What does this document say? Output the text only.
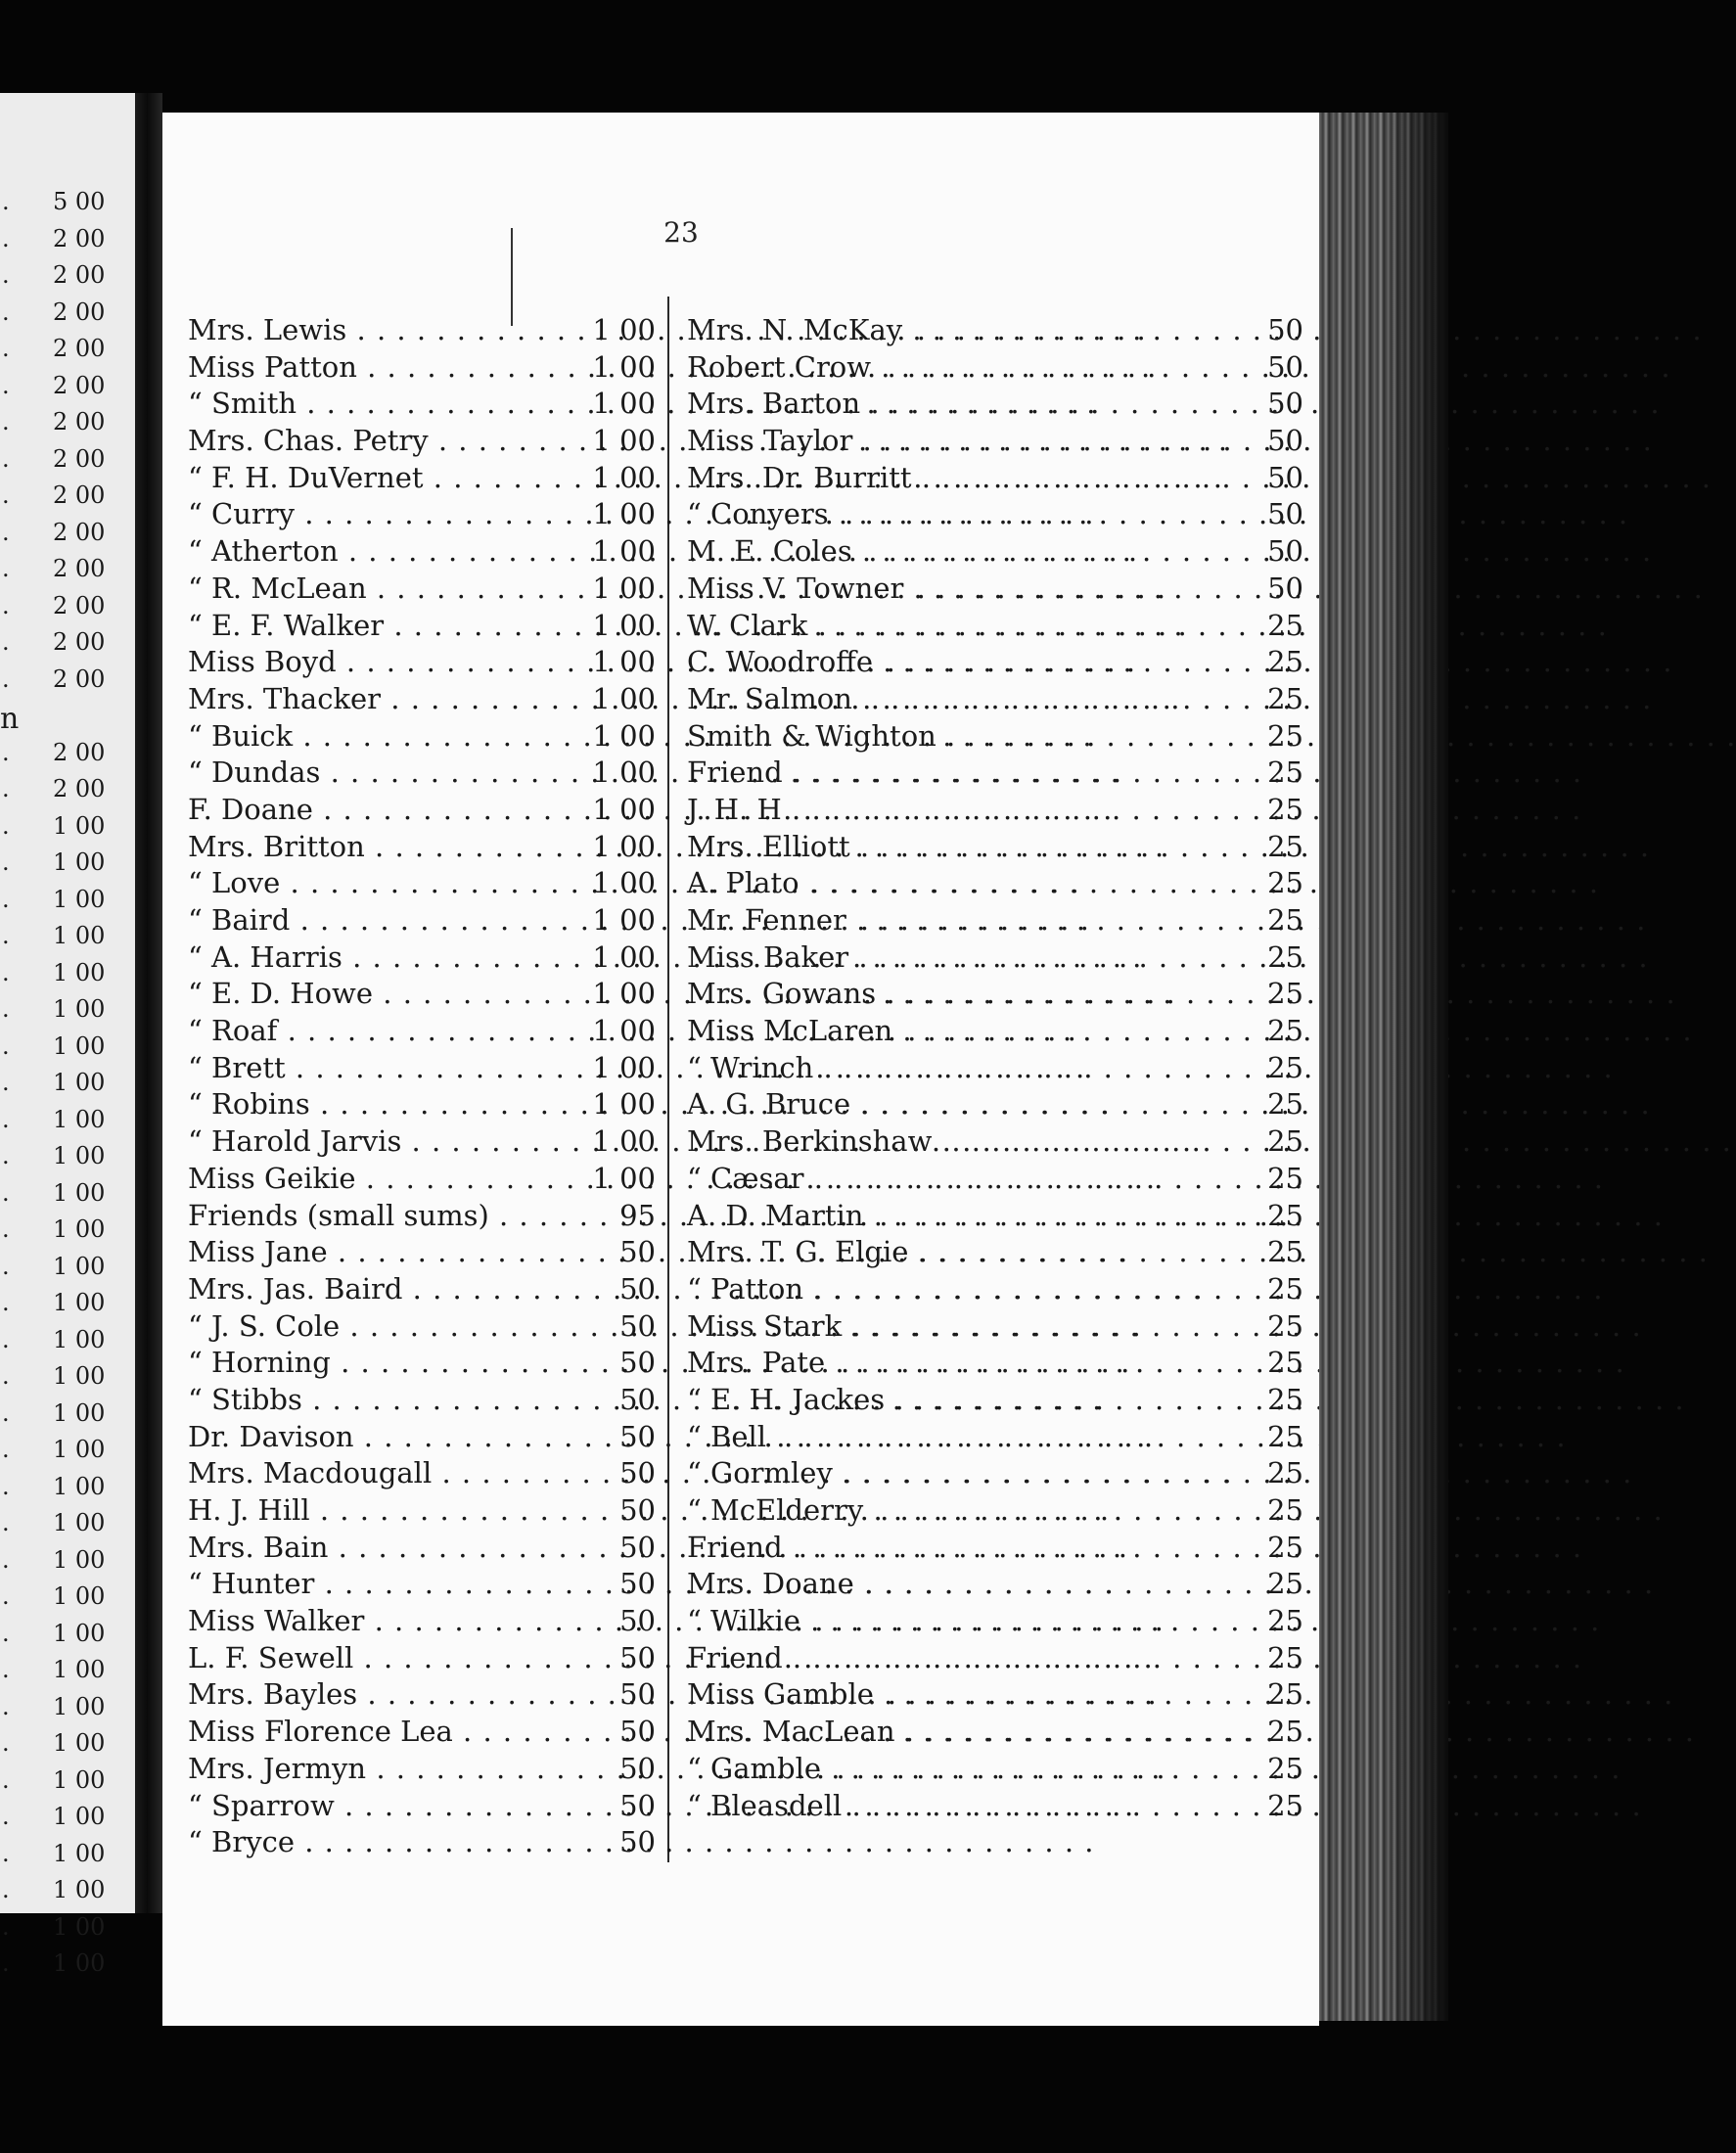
. 5 00
. 2 00
. 2 00
. 2 00
. 2 00
. 2 00
. 2 00
. 2 00
. 2 00
. 2 00
. 2 00
. 2 00
. 2 00
. 2 00
n
. 2 00
. 2 00
. 1 00
. 1 00
. 1 00
. 1 00
. 1 00
. 1 00
. 1 00
. 1 00
. 1 00
. 1 00
. 1 00
. 1 00
. 1 00
. 1 00
. 1 00
. 1 00
. 1 00
. 1 00
. 1 00
. 1 00
. 1 00
. 1 00
. 1 00
. 1 00
. 1 00
. 1 00
. 1 00
. 1 00
. 1 00
. 1 00
. 1 00
. 1 00
23
Mrs. Lewis . . .	1 00
Miss Patton . . .	1 00
“ Smith . . .	1 00
Mrs. Chas. Petry . . .	1 00
“ F. H. DuVernet . . .	1 00
“ Curry . . .	1 00
“ Atherton . . .	1 00
“ R. McLean . . .	1 00
“ E. F. Walker . . .	1 00
Miss Boyd . . .	1 00
Mrs. Thacker . . .	1 00
“ Buick . . .	1 00
“ Dundas . . .	1 00
F. Doane . . .	1 00
Mrs. Britton . . .	1 00
“ Love . . .	1 00
“ Baird . . .	1 00
“ A. Harris . . .	1 00
“ E. D. Howe . . .	1 00
“ Roaf . . .	1 00
“ Brett . . .	1 00
“ Robins . . .	1 00
“ Harold Jarvis . . .	1 00
Miss Geikie . . .	1 00
Friends (small sums) . . .	95
Miss Jane . . .	50
Mrs. Jas. Baird . . .	50
“ J. S. Cole . . .	50
“ Horning . . .	50
“ Stibbs . . .	50
Dr. Davison . . .	50
Mrs. Macdougall . . .	50
H. J. Hill . . .	50
Mrs. Bain . . .	50
“ Hunter . . .	50
Miss Walker . . .	50
L. F. Sewell . . .	50
Mrs. Bayles . . .	50
Miss Florence Lea . . .	50
Mrs. Jermyn . . .	50
“ Sparrow . . .	50
“ Bryce . . .	50
Mrs. N. McKay . . .	50
Robert Crow . . .	50
Mrs. Barton . . .	50
Miss Taylor . . .	50
Mrs. Dr. Burritt . . .	50
“ Conyers . . .	50
M. E. Coles . . .	50
Miss V. Towner . . .	50
W. Clark . . .	25
C. Woodroffe . . .	25
Mr. Salmon . . .	25
Smith & Wighton . . .	25
Friend . . .	25
J. H. H . . .	25
Mrs. Elliott . . .	25
A. Plato . . .	25
Mr. Fenner . . .	25
Miss Baker . . .	25
Mrs. Gowans . . .	25
Miss McLaren . . .	25
“ Wrinch . . .	25
A. G. Bruce . . .	25
Mrs. Berkinshaw . . .	25
“ Cæsar . . .	25
A. D. Martin . . .	25
Mrs. T. G. Elgie . . .	25
“ Patton . . .	25
Miss Stark . . .	25
Mrs. Pate . . .	25
“ E. H. Jackes . . .	25
“ Bell . . .	25
“ Gormley . . .	25
“ McElderry . . .	25
Friend . . .	25
Mrs. Doane . . .	25
“ Wilkie . . .	25
Friend . . .	25
Miss Gamble . . .	25
Mrs. MacLean . . .	25
“ Gamble . . .	25
“ Bleasdell . . .	25
